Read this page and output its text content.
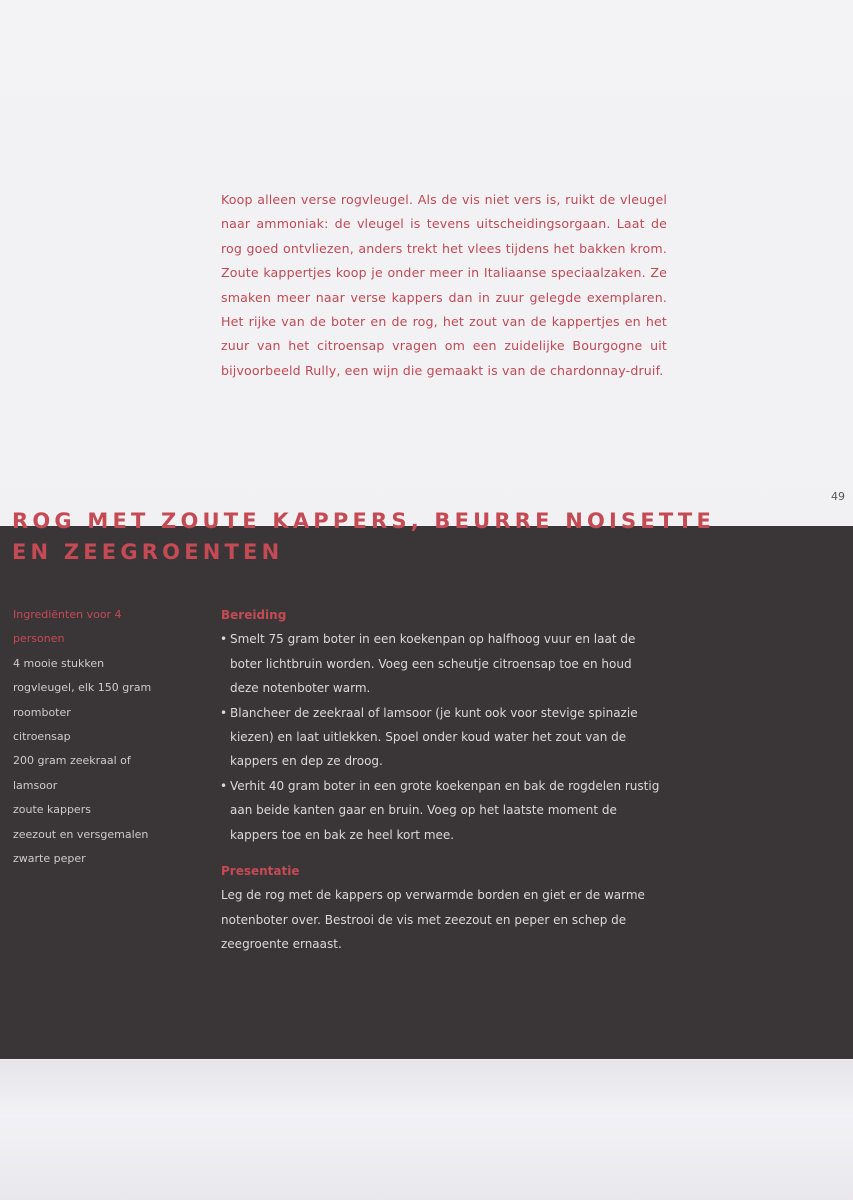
Koop alleen verse rogvleugel. Als de vis niet vers is, ruikt de vleugel naar ammoniak: de vleugel is tevens uitscheidingsorgaan. Laat de rog goed ontvliezen, anders trekt het vlees tijdens het bakken krom. Zoute kappertjes koop je onder meer in Italiaanse speciaalzaken. Ze smaken meer naar verse kappers dan in zuur gelegde exemplaren. Het rijke van de boter en de rog, het zout van de kappertjes en het zuur van het citroensap vragen om een zuidelijke Bourgogne uit bijvoorbeeld Rully, een wijn die gemaakt is van de chardonnay-druif.

49
ROG MET ZOUTE KAPPERS, BEURRE NOISETTE
EN ZEEGROENTEN
Ingrediënten voor 4 personen
4 mooie stukken rogvleugel, elk 150 gram
roomboter
citroensap
200 gram zeekraal of lamsoor
zoute kappers
zeezout en versgemalen zwarte peper
Bereiding
• Smelt 75 gram boter in een koekenpan op halfhoog vuur en laat de boter lichtbruin worden. Voeg een scheutje citroensap toe en houd deze notenboter warm.
• Blancheer de zeekraal of lamsoor (je kunt ook voor stevige spinazie kiezen) en laat uitlekken. Spoel onder koud water het zout van de kappers en dep ze droog.
• Verhit 40 gram boter in een grote koekenpan en bak de rogdelen rustig aan beide kanten gaar en bruin. Voeg op het laatste moment de kappers toe en bak ze heel kort mee.
Presentatie
Leg de rog met de kappers op verwarmde borden en giet er de warme notenboter over. Bestrooi de vis met zeezout en peper en schep de zeegroente ernaast.
